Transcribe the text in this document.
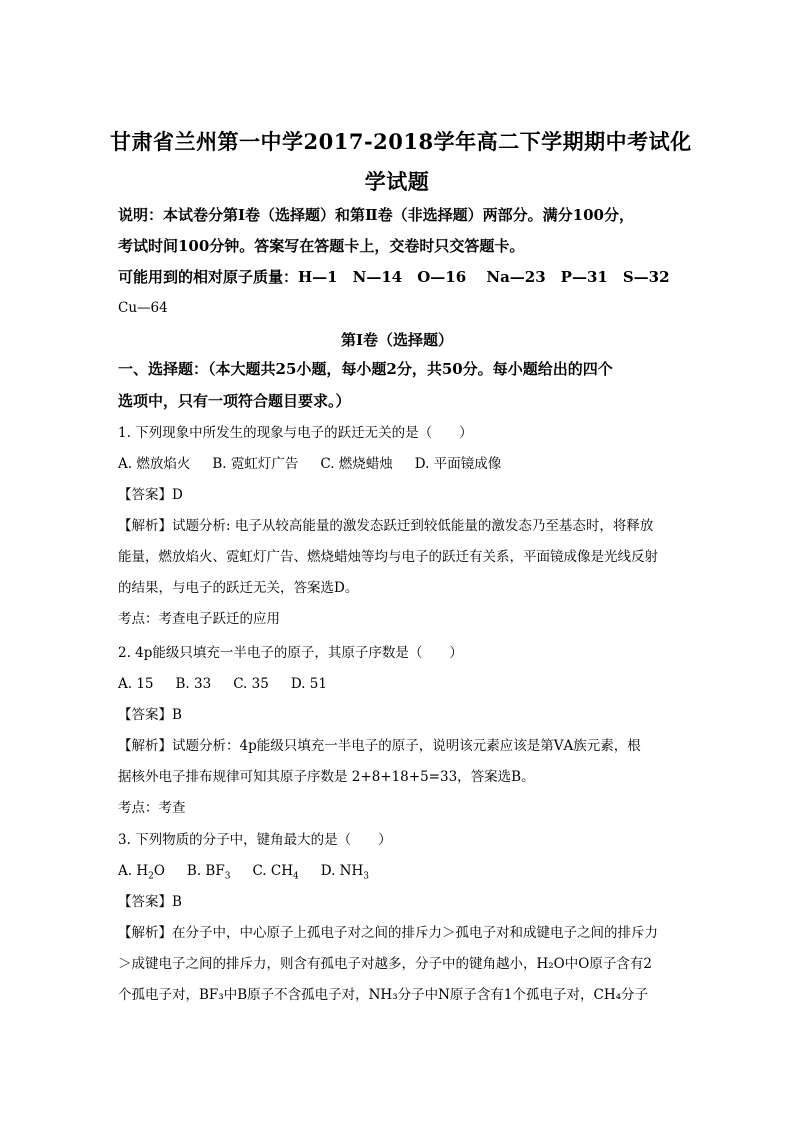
甘肃省兰州第一中学2017-2018学年高二下学期期中考试化
学试题
说明：本试卷分第Ⅰ卷（选择题）和第Ⅱ卷（非选择题）两部分。满分100分，
考试时间100分钟。答案写在答题卡上，交卷时只交答题卡。
可能用到的相对原子质量：H—1　N—14　O—16　 Na—23　P—31　S—32
Cu—64
第Ⅰ卷（选择题）
一、选择题：（本大题共25小题，每小题2分，共50分。每小题给出的四个
选项中，只有一项符合题目要求。）
1. 下列现象中所发生的现象与电子的跃迁无关的是（　　）
A. 燃放焰火 B. 霓虹灯广告 C. 燃烧蜡烛 D. 平面镜成像
【答案】D
【解析】试题分析: 电子从较高能量的激发态跃迁到较低能量的激发态乃至基态时，将释放
能量，燃放焰火、霓虹灯广告、燃烧蜡烛等均与电子的跃迁有关系，平面镜成像是光线反射
的结果，与电子的跃迁无关，答案选D。
考点：考查电子跃迁的应用
2. 4p能级只填充一半电子的原子，其原子序数是（　　）
A. 15 B. 33 C. 35 D. 51
【答案】B
【解析】试题分析：4p能级只填充一半电子的原子，说明该元素应该是第ⅤA族元素，根
据核外电子排布规律可知其原子序数是 2+8+18+5=33，答案选B。
考点：考查
3. 下列物质的分子中，键角最大的是（　　）
A. $H_2O$ B. $BF_3$ C. $CH_4$ D. $NH_3$
【答案】B
【解析】在分子中，中心原子上孤电子对之间的排斥力＞孤电子对和成键电子之间的排斥力
＞成键电子之间的排斥力，则含有孤电子对越多，分子中的键角越小，H₂O中O原子含有2
个孤电子对，BF₃中B原子不含孤电子对，NH₃分子中N原子含有1个孤电子对，CH₄分子
